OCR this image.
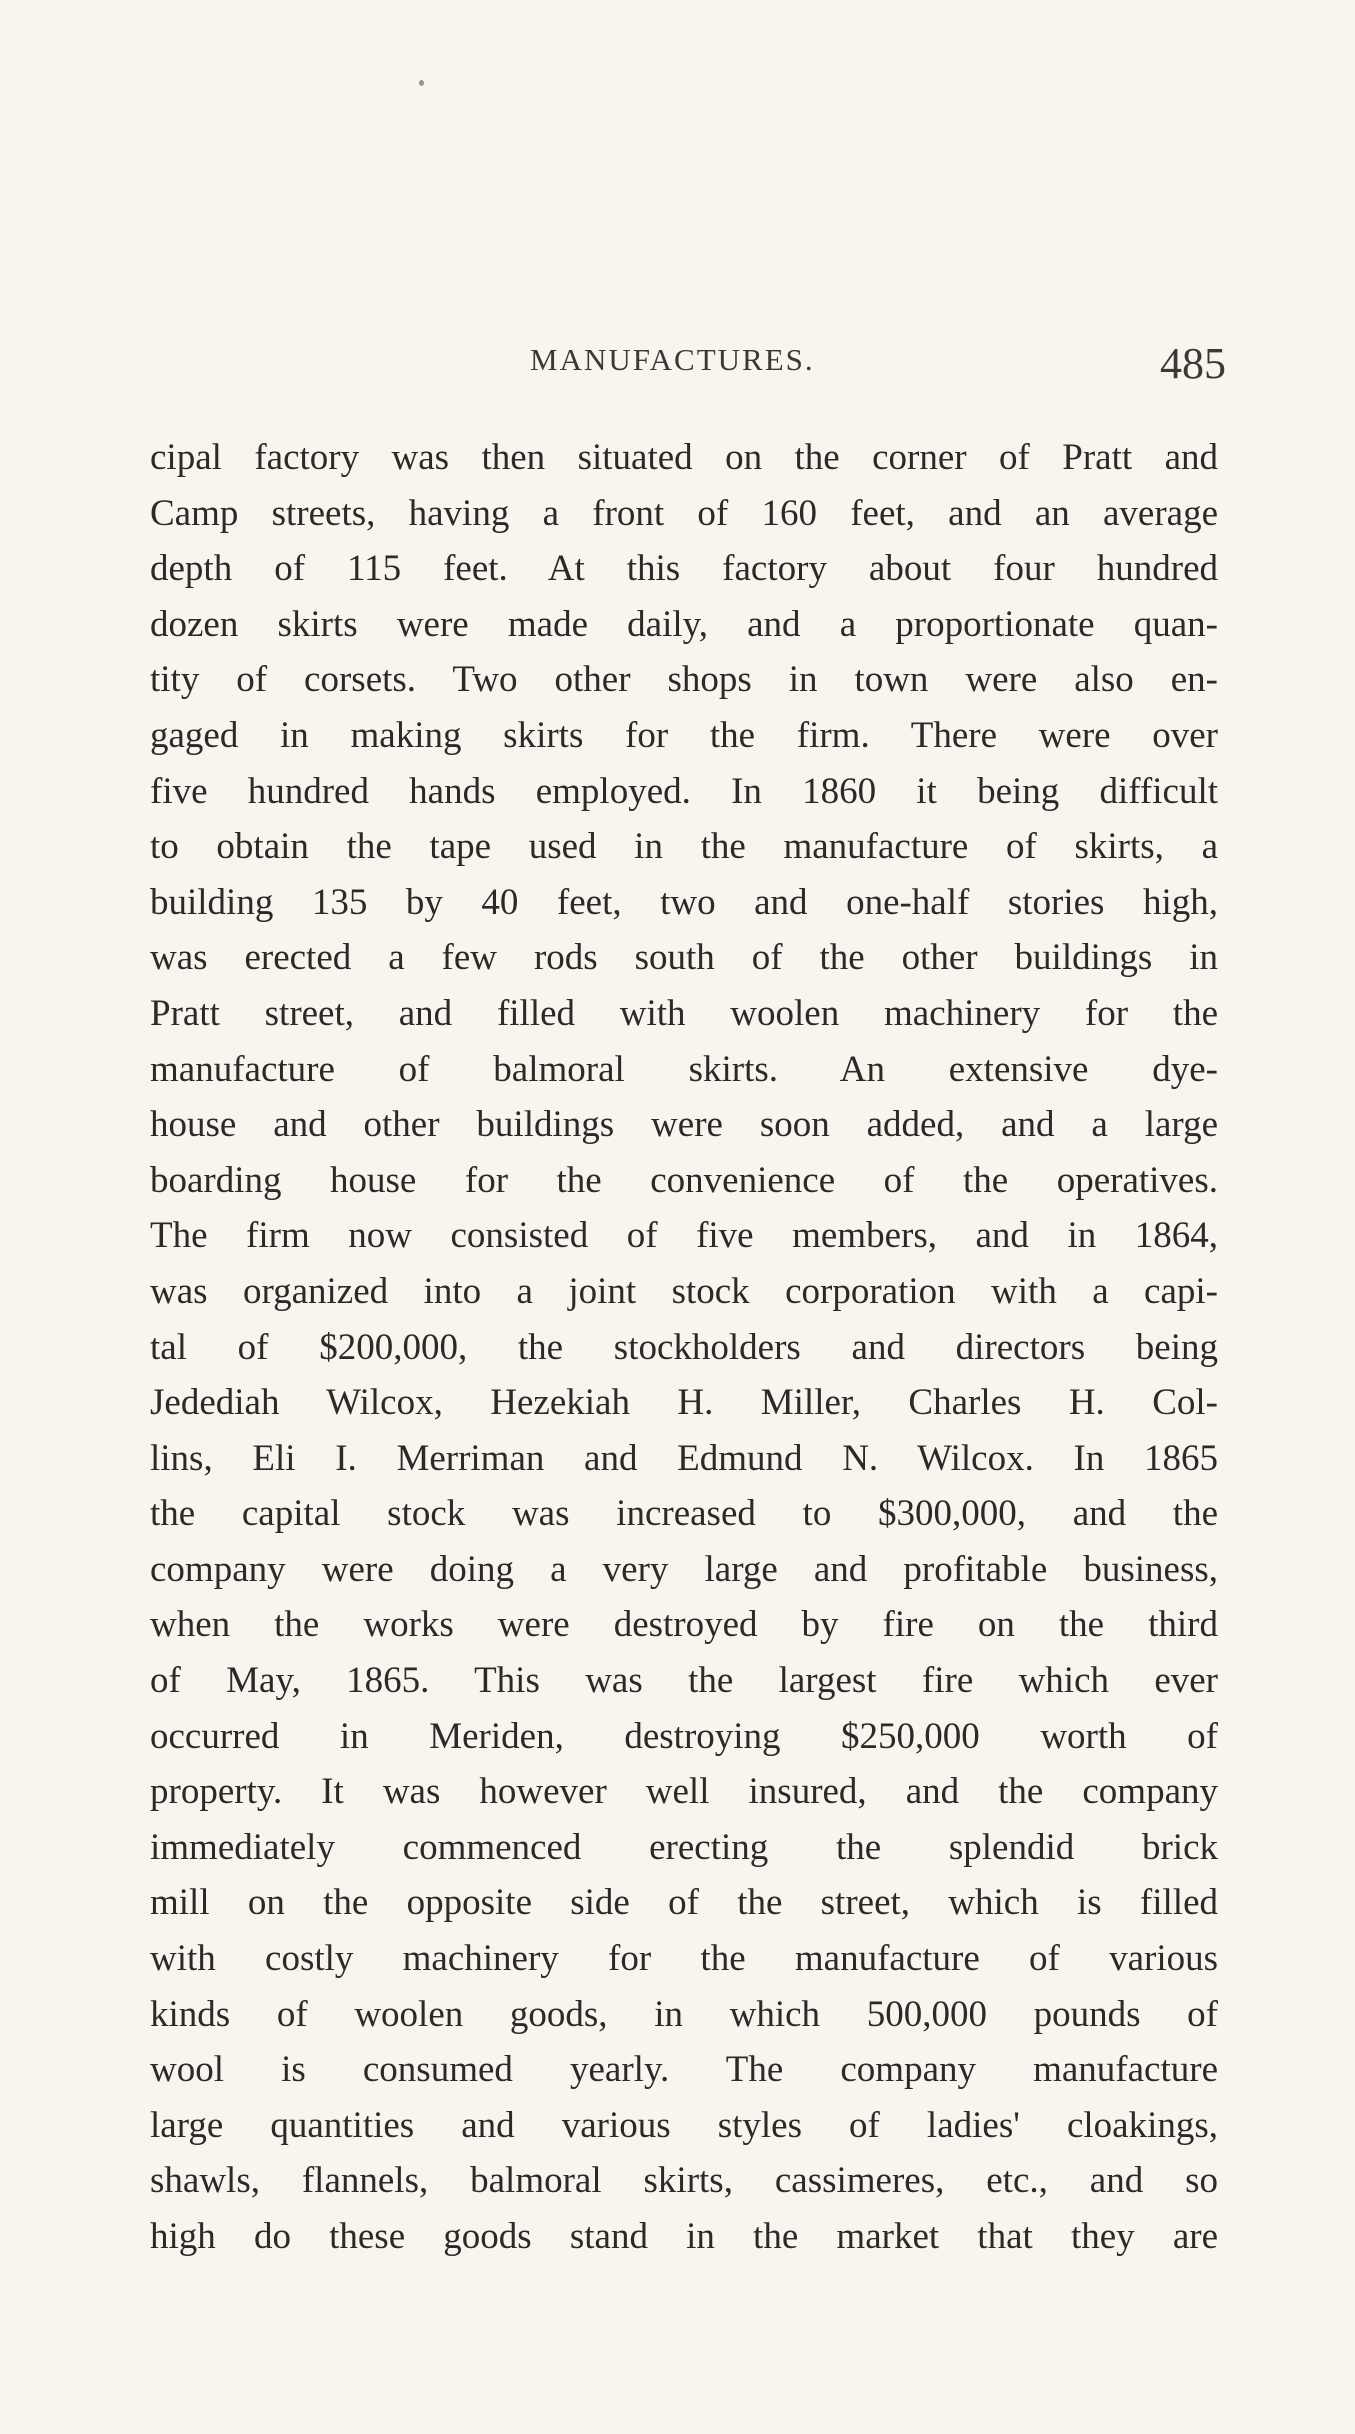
MANUFACTURES.	485
cipal factory was then situated on the corner of Pratt and
Camp streets, having a front of 160 feet, and an average
depth of 115 feet. At this factory about four hundred
dozen skirts were made daily, and a proportionate quan-
tity of corsets. Two other shops in town were also en-
gaged in making skirts for the firm. There were over
five hundred hands employed. In 1860 it being difficult
to obtain the tape used in the manufacture of skirts, a
building 135 by 40 feet, two and one-half stories high,
was erected a few rods south of the other buildings in
Pratt street, and filled with woolen machinery for the
manufacture of balmoral skirts. An extensive dye-
house and other buildings were soon added, and a large
boarding house for the convenience of the operatives.
The firm now consisted of five members, and in 1864,
was organized into a joint stock corporation with a capi-
tal of $200,000, the stockholders and directors being
Jedediah Wilcox, Hezekiah H. Miller, Charles H. Col-
lins, Eli I. Merriman and Edmund N. Wilcox. In 1865
the capital stock was increased to $300,000, and the
company were doing a very large and profitable business,
when the works were destroyed by fire on the third
of May, 1865. This was the largest fire which ever
occurred in Meriden, destroying $250,000 worth of
property. It was however well insured, and the company
immediately commenced erecting the splendid brick
mill on the opposite side of the street, which is filled
with costly machinery for the manufacture of various
kinds of woolen goods, in which 500,000 pounds of
wool is consumed yearly. The company manufacture
large quantities and various styles of ladies' cloakings,
shawls, flannels, balmoral skirts, cassimeres, etc., and so
high do these goods stand in the market that they are
